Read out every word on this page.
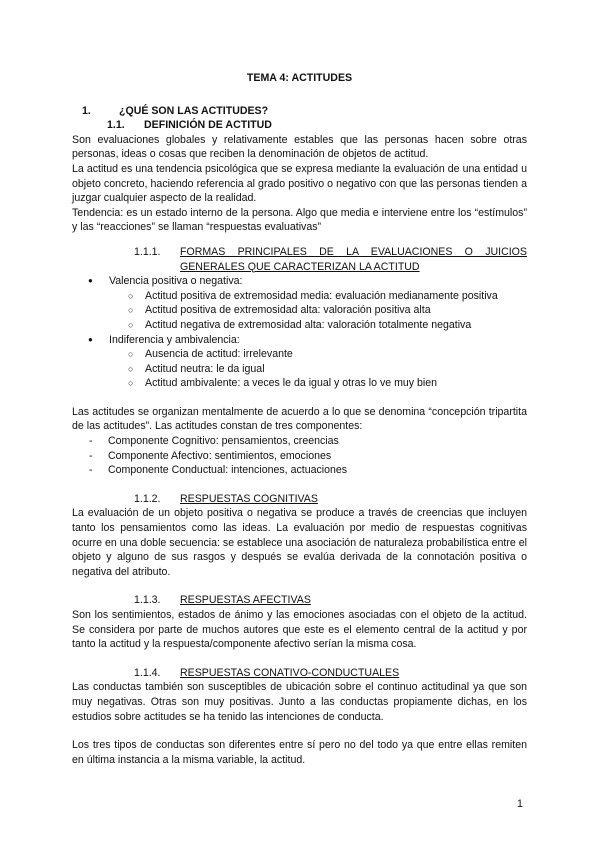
TEMA 4: ACTITUDES
1.	¿QUÉ SON LAS ACTITUDES?
1.1.	DEFINICIÓN DE ACTITUD

Son evaluaciones globales y relativamente estables que las personas hacen sobre otras personas, ideas o cosas que reciben la denominación de objetos de actitud.

La actitud es una tendencia psicológica que se expresa mediante la evaluación de una entidad u objeto concreto, haciendo referencia al grado positivo o negativo con que las personas tienden a juzgar cualquier aspecto de la realidad.

Tendencia: es un estado interno de la persona. Algo que media e interviene entre los “estímulos” y las “reacciones” se llaman “respuestas evaluativas”

1.1.1.	FORMAS PRINCIPALES DE LA EVALUACIONES O JUICIOS GENERALES QUE CARACTERIZAN LA ACTITUD
● Valencia positiva o negativa:
○ Actitud positiva de extremosidad media: evaluación medianamente positiva
○ Actitud positiva de extremosidad alta: valoración positiva alta
○ Actitud negativa de extremosidad alta: valoración totalmente negativa
● Indiferencia y ambivalencia:
○ Ausencia de actitud: irrelevante
○ Actitud neutra: le da igual
○ Actitud ambivalente: a veces le da igual y otras lo ve muy bien

Las actitudes se organizan mentalmente de acuerdo a lo que se denomina “concepción tripartita de las actitudes”. Las actitudes constan de tres componentes:

- Componente Cognitivo: pensamientos, creencias
- Componente Afectivo: sentimientos, emociones
- Componente Conductual: intenciones, actuaciones
1.1.2.	RESPUESTAS COGNITIVAS

La evaluación de un objeto positiva o negativa se produce a través de creencias que incluyen tanto los pensamientos como las ideas. La evaluación por medio de respuestas cognitivas ocurre en una doble secuencia: se establece una asociación de naturaleza probabilística entre el objeto y alguno de sus rasgos y después se evalúa derivada de la connotación positiva o negativa del atributo.

1.1.3.	RESPUESTAS AFECTIVAS

Son los sentimientos, estados de ánimo y las emociones asociadas con el objeto de la actitud. Se considera por parte de muchos autores que este es el elemento central de la actitud y por tanto la actitud y la respuesta/componente afectivo serían la misma cosa.

1.1.4.	RESPUESTAS CONATIVO-CONDUCTUALES

Las conductas también son susceptibles de ubicación sobre el continuo actitudinal ya que son muy negativas. Otras son muy positivas. Junto a las conductas propiamente dichas, en los estudios sobre actitudes se ha tenido las intenciones de conducta.

Los tres tipos de conductas son diferentes entre sí pero no del todo ya que entre ellas remiten en última instancia a la misma variable, la actitud.

1
